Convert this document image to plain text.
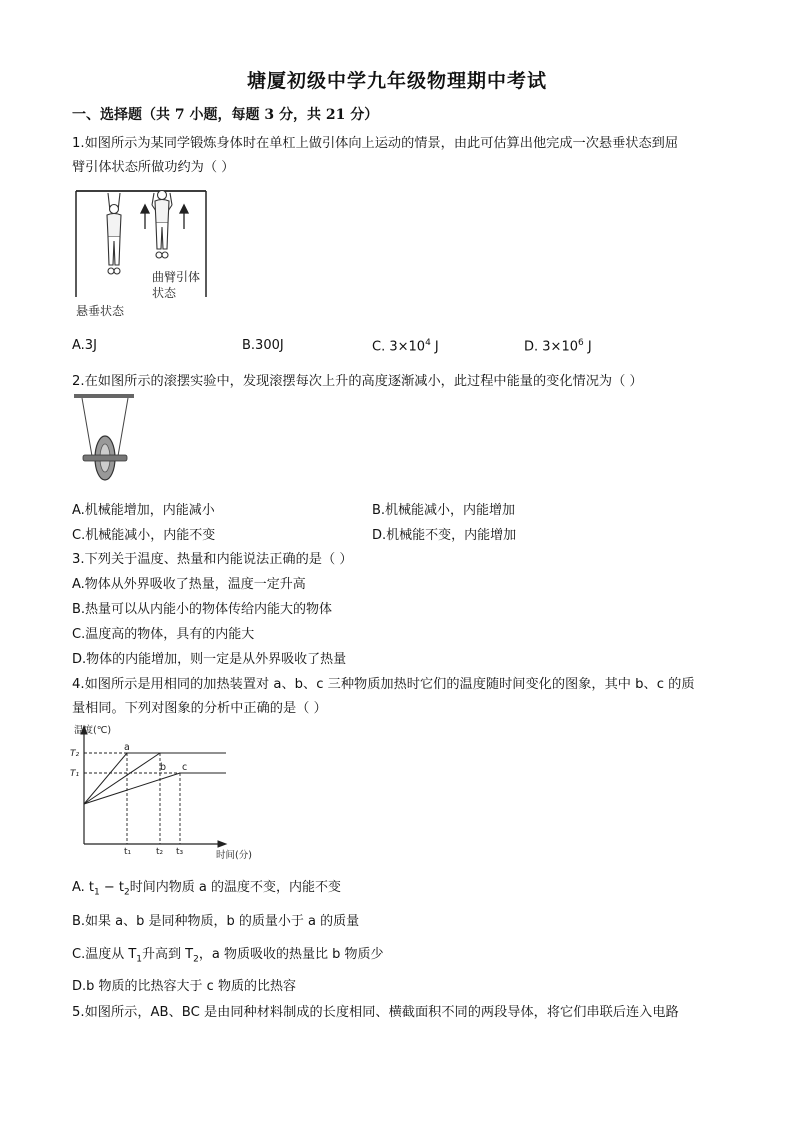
塘厦初级中学九年级物理期中考试
一、选择题（共 7 小题，每题 3 分，共 21 分）
1.如图所示为某同学锻炼身体时在单杠上做引体向上运动的情景，由此可估算出他完成一次悬垂状态到屈
臂引体状态所做功约为（ ）
曲臂引体
状态
悬垂状态
A.3J	B.300J	C. $3\times 10^4$ J	D. $3\times 10^6$ J
2.在如图所示的滚摆实验中，发现滚摆每次上升的高度逐渐减小，此过程中能量的变化情况为（ ）
A.机械能增加，内能减小	B.机械能减小，内能增加
C.机械能减小，内能不变	D.机械能不变，内能增加
3.下列关于温度、热量和内能说法正确的是（ ）
A.物体从外界吸收了热量，温度一定升高
B.热量可以从内能小的物体传给内能大的物体
C.温度高的物体，具有的内能大
D.物体的内能增加，则一定是从外界吸收了热量
4.如图所示是用相同的加热装置对 a、b、c 三种物质加热时它们的温度随时间变化的图象，其中 b、c 的质
量相同。下列对图象的分析中正确的是（ ）
温度(℃)
T₂
T₁
t₁	t₂ t₃	时间(分)
a
b c
A. $t_1 - t_2$时间内物质 a 的温度不变，内能不变
B.如果 a、b 是同种物质，b 的质量小于 a 的质量
C.温度从 $T_1$升高到 $T_2$，a 物质吸收的热量比 b 物质少
D.b 物质的比热容大于 c 物质的比热容
5.如图所示，AB、BC 是由同种材料制成的长度相同、横截面积不同的两段导体，将它们串联后连入电路
